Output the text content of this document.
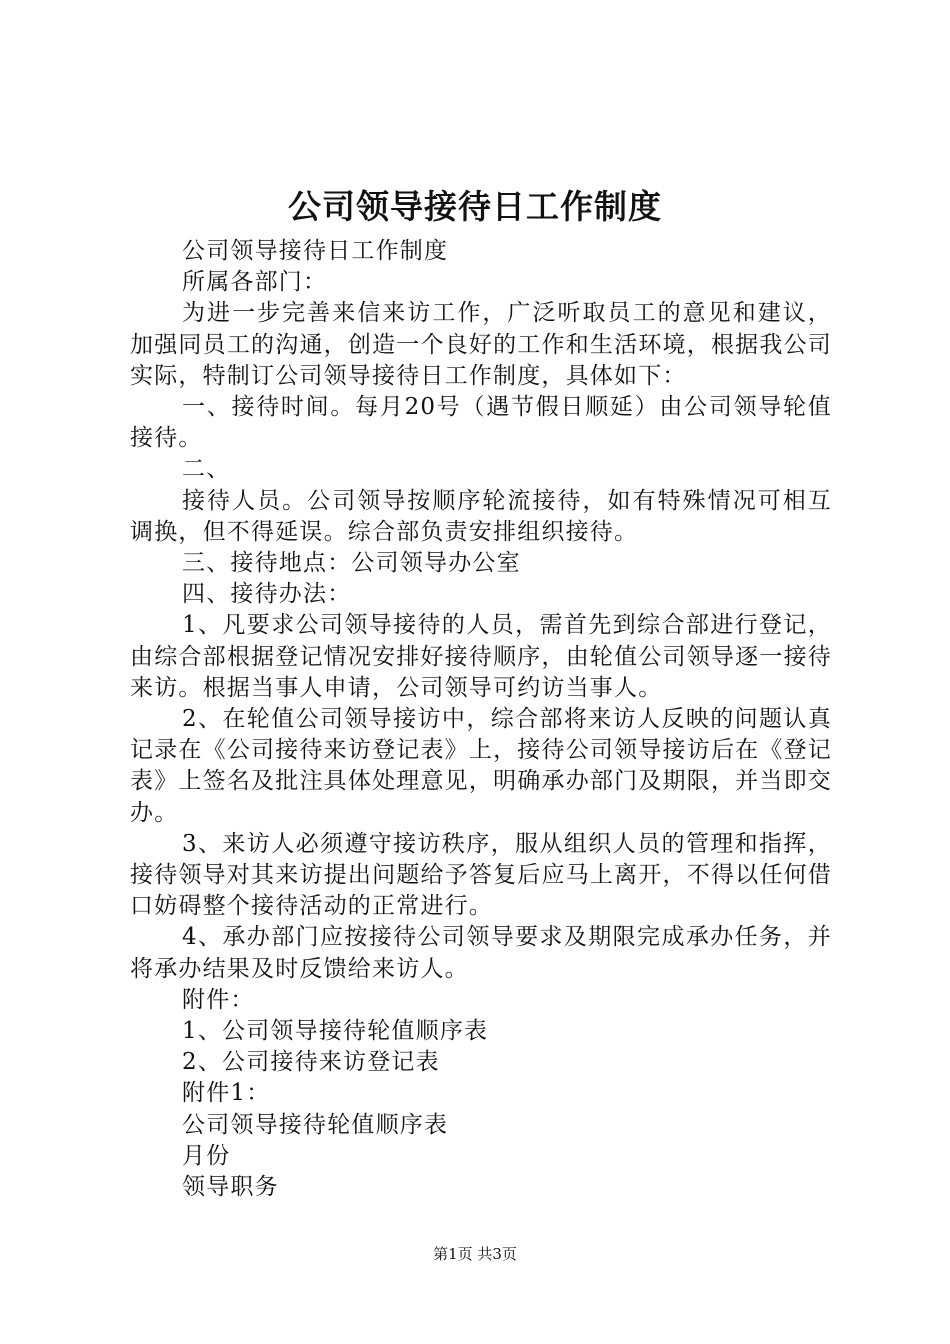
公司领导接待日工作制度

公司领导接待日工作制度

所属各部门：

为进一步完善来信来访工作，广泛听取员工的意见和建议，加强同员工的沟通，创造一个良好的工作和生活环境，根据我公司实际，特制订公司领导接待日工作制度，具体如下：

一、接待时间。每月20号（遇节假日顺延）由公司领导轮值接待。

二、

接待人员。公司领导按顺序轮流接待，如有特殊情况可相互调换，但不得延误。综合部负责安排组织接待。

三、接待地点：公司领导办公室

四、接待办法：

1、凡要求公司领导接待的人员，需首先到综合部进行登记，由综合部根据登记情况安排好接待顺序，由轮值公司领导逐一接待来访。根据当事人申请，公司领导可约访当事人。

2、在轮值公司领导接访中，综合部将来访人反映的问题认真记录在《公司接待来访登记表》上，接待公司领导接访后在《登记表》上签名及批注具体处理意见，明确承办部门及期限，并当即交办。

3、来访人必须遵守接访秩序，服从组织人员的管理和指挥，接待领导对其来访提出问题给予答复后应马上离开，不得以任何借口妨碍整个接待活动的正常进行。

4、承办部门应按接待公司领导要求及期限完成承办任务，并将承办结果及时反馈给来访人。

附件：

1、公司领导接待轮值顺序表

2、公司接待来访登记表

附件1：

公司领导接待轮值顺序表

月份

领导职务

第1页 共3页
